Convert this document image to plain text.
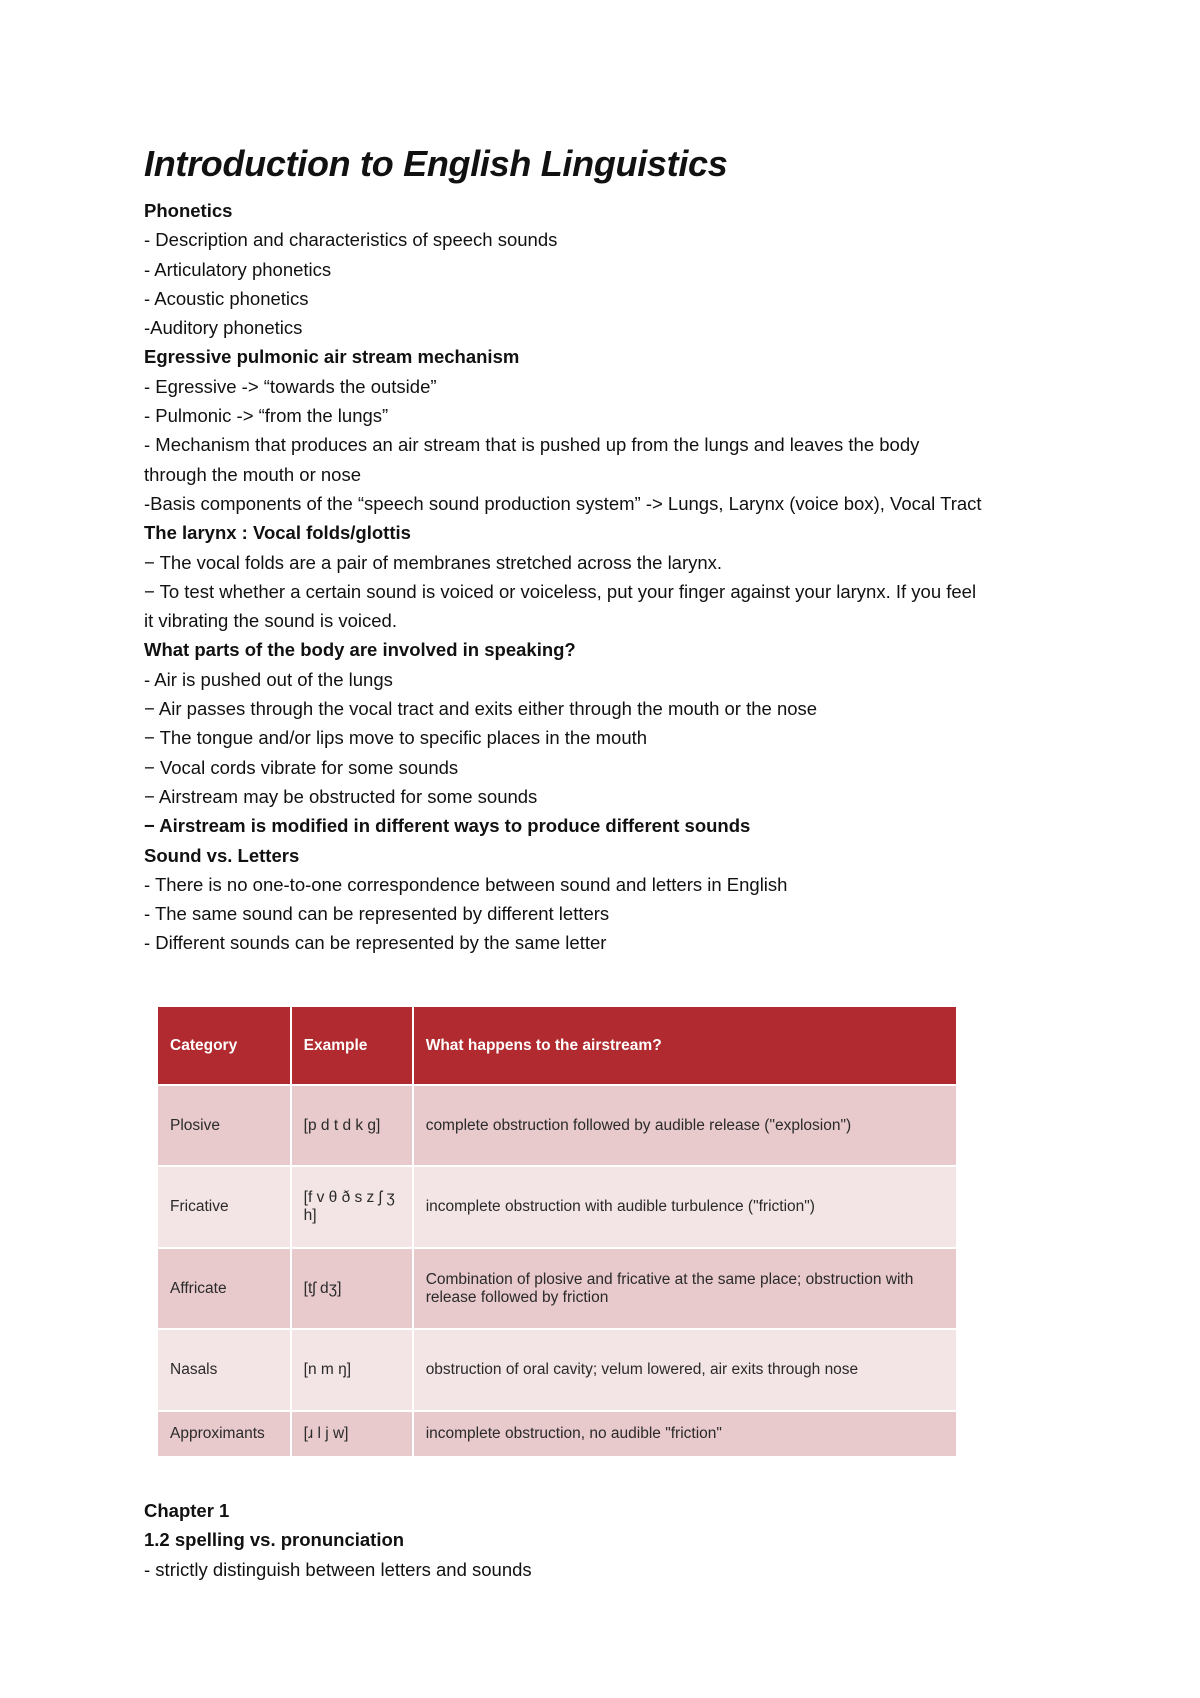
Introduction to English Linguistics
Phonetics
- Description and characteristics of speech sounds
- Articulatory phonetics
- Acoustic phonetics
-Auditory phonetics
Egressive pulmonic air stream mechanism
- Egressive -> “towards the outside”
- Pulmonic -> “from the lungs”
- Mechanism that produces an air stream that is pushed up from the lungs and leaves the body
through the mouth or nose
-Basis components of the “speech sound production system” -> Lungs, Larynx (voice box), Vocal Tract
The larynx : Vocal folds/glottis
− The vocal folds are a pair of membranes stretched across the larynx.
− To test whether a certain sound is voiced or voiceless, put your finger against your larynx. If you feel
it vibrating the sound is voiced.
What parts of the body are involved in speaking?
- Air is pushed out of the lungs
− Air passes through the vocal tract and exits either through the mouth or the nose
− The tongue and/or lips move to specific places in the mouth
− Vocal cords vibrate for some sounds
− Airstream may be obstructed for some sounds
− Airstream is modified in different ways to produce different sounds
Sound vs. Letters
- There is no one-to-one correspondence between sound and letters in English
- The same sound can be represented by different letters
- Different sounds can be represented by the same letter
Category	Example	What happens to the airstream?
Plosive	[p d t d k g]	complete obstruction followed by audible release ("explosion")
Fricative	[f v θ ð s z ʃ ʒ h]	incomplete obstruction with audible turbulence ("friction")
Affricate	[tʃ dʒ]	Combination of plosive and fricative at the same place; obstruction with release followed by friction
Nasals	[n m ŋ]	obstruction of oral cavity; velum lowered, air exits through nose
Approximants	[ɹ l j w]	incomplete obstruction, no audible "friction"
Chapter 1
1.2 spelling vs. pronunciation
- strictly distinguish between letters and sounds
